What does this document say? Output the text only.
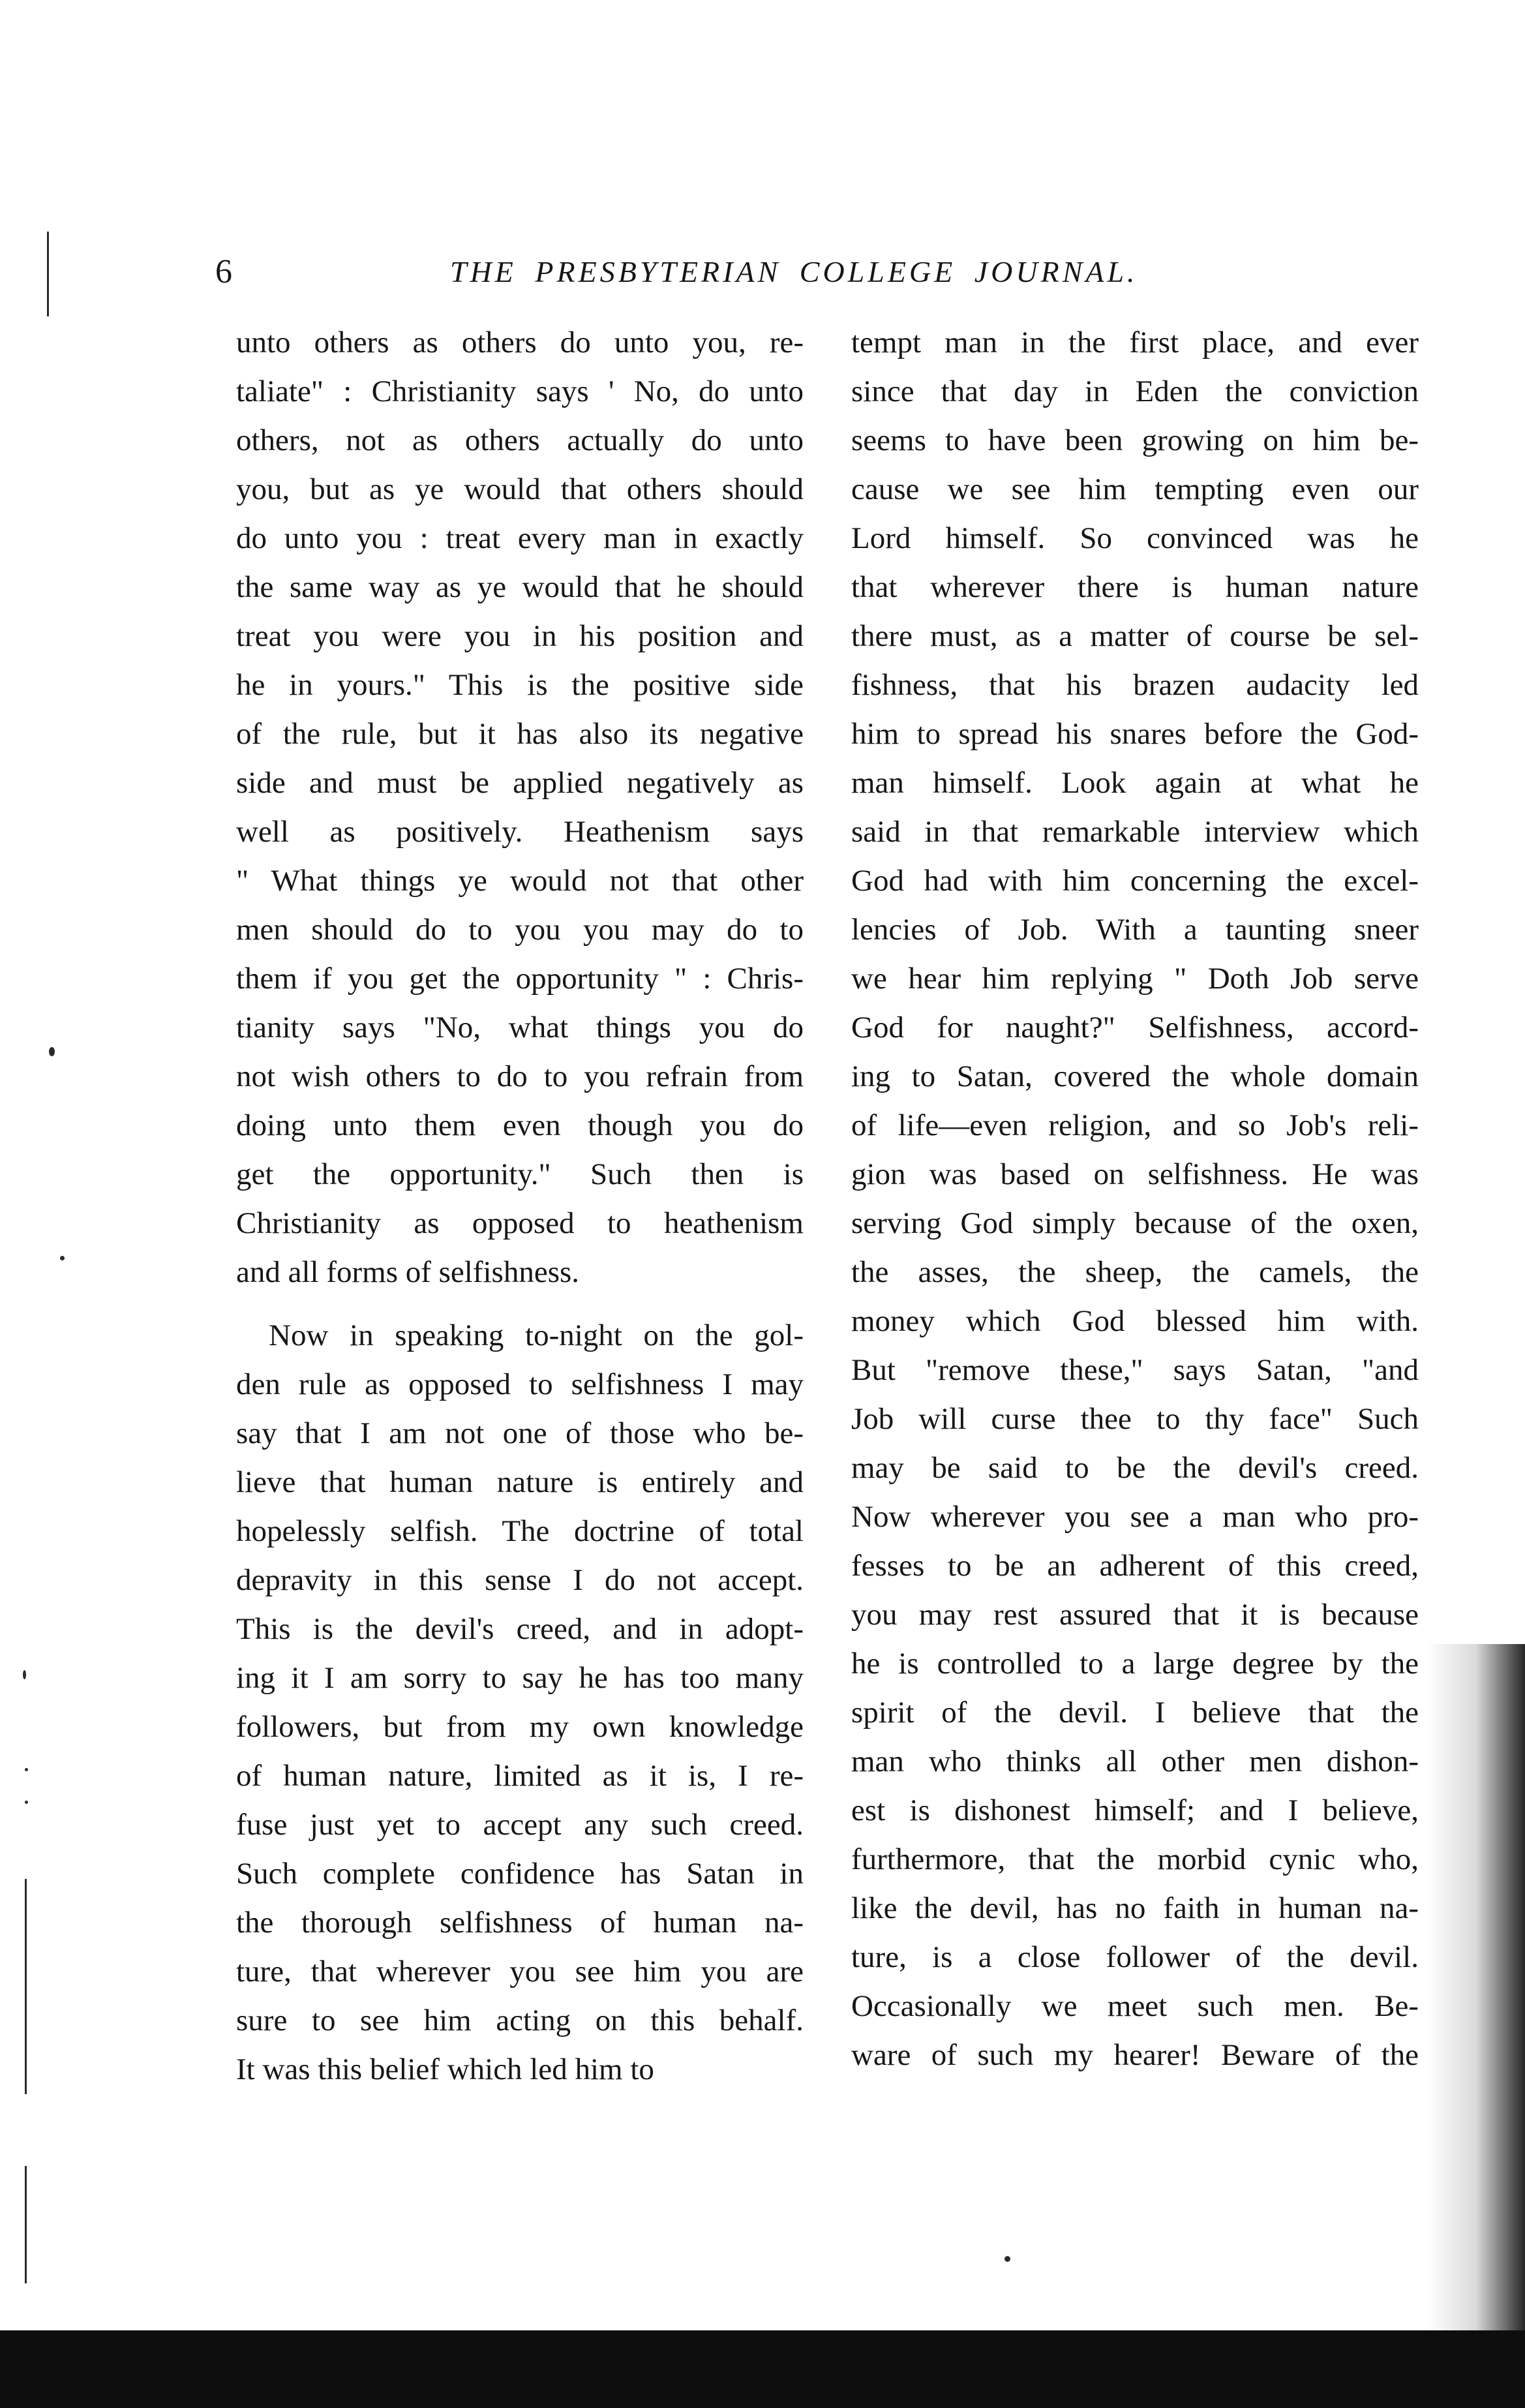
6	THE PRESBYTERIAN COLLEGE JOURNAL.
unto others as others do unto you, re-
taliate" : Christianity says ' No, do unto
others, not as others actually do unto
you, but as ye would that others should
do unto you : treat every man in exactly
the same way as ye would that he should
treat you were you in his position and
he in yours." This is the positive side
of the rule, but it has also its negative
side and must be applied negatively as
well as positively. Heathenism says
" What things ye would not that other
men should do to you you may do to
them if you get the opportunity " : Chris-
tianity says "No, what things you do
not wish others to do to you refrain from
doing unto them even though you do
get the opportunity." Such then is
Christianity as opposed to heathenism
and all forms of selfishness.
Now in speaking to-night on the gol-
den rule as opposed to selfishness I may
say that I am not one of those who be-
lieve that human nature is entirely and
hopelessly selfish. The doctrine of total
depravity in this sense I do not accept.
This is the devil's creed, and in adopt-
ing it I am sorry to say he has too many
followers, but from my own knowledge
of human nature, limited as it is, I re-
fuse just yet to accept any such creed.
Such complete confidence has Satan in
the thorough selfishness of human na-
ture, that wherever you see him you are
sure to see him acting on this behalf.
It was this belief which led him to
tempt man in the first place, and ever
since that day in Eden the conviction
seems to have been growing on him be-
cause we see him tempting even our
Lord himself. So convinced was he
that wherever there is human nature
there must, as a matter of course be sel-
fishness, that his brazen audacity led
him to spread his snares before the God-
man himself. Look again at what he
said in that remarkable interview which
God had with him concerning the excel-
lencies of Job. With a taunting sneer
we hear him replying " Doth Job serve
God for naught?" Selfishness, accord-
ing to Satan, covered the whole domain
of life—even religion, and so Job's reli-
gion was based on selfishness. He was
serving God simply because of the oxen,
the asses, the sheep, the camels, the
money which God blessed him with.
But "remove these," says Satan, "and
Job will curse thee to thy face" Such
may be said to be the devil's creed.
Now wherever you see a man who pro-
fesses to be an adherent of this creed,
you may rest assured that it is because
he is controlled to a large degree by the
spirit of the devil. I believe that the
man who thinks all other men dishon-
est is dishonest himself; and I believe,
furthermore, that the morbid cynic who,
like the devil, has no faith in human na-
ture, is a close follower of the devil.
Occasionally we meet such men. Be-
ware of such my hearer! Beware of the
